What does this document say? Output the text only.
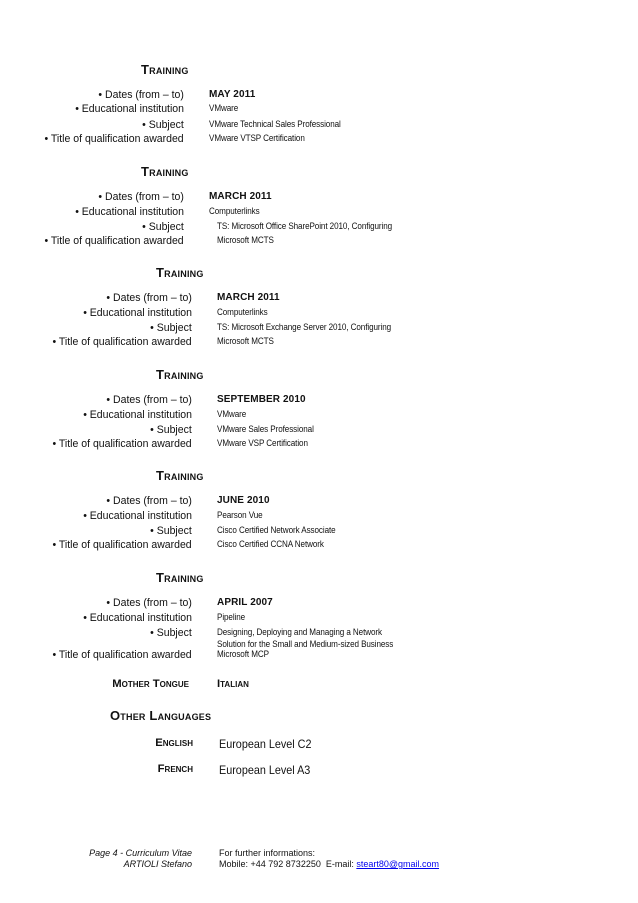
Training
• Dates (from – to)
• Educational institution
• Subject
• Title of qualification awarded
MAY 2011
VMware
VMware Technical Sales Professional
VMware VTSP Certification
Training
• Dates (from – to)
• Educational institution
• Subject
• Title of qualification awarded
MARCH 2011
Computerlinks
TS: Microsoft Office SharePoint 2010, Configuring
Microsoft MCTS
Training
• Dates (from – to)
• Educational institution
• Subject
• Title of qualification awarded
MARCH 2011
Computerlinks
TS: Microsoft Exchange Server 2010, Configuring
Microsoft MCTS
Training
• Dates (from – to)
• Educational institution
• Subject
• Title of qualification awarded
SEPTEMBER 2010
VMware
VMware Sales Professional
VMware VSP Certification
Training
• Dates (from – to)
• Educational institution
• Subject
• Title of qualification awarded
JUNE 2010
Pearson Vue
Cisco Certified Network Associate
Cisco Certified CCNA Network
Training
• Dates (from – to)
• Educational institution
• Subject
• Title of qualification awarded
APRIL 2007
Pipeline
Designing, Deploying and Managing a Network
Solution for the Small and Medium-sized Business
Microsoft MCP
Mother Tongue Italian
Other Languages
English European Level C2
French European Level A3
Page 4 - Curriculum Vitae
ARTIOLI Stefano
For further informations:
Mobile: +44 792 8732250  E-mail: steart80@gmail.com
